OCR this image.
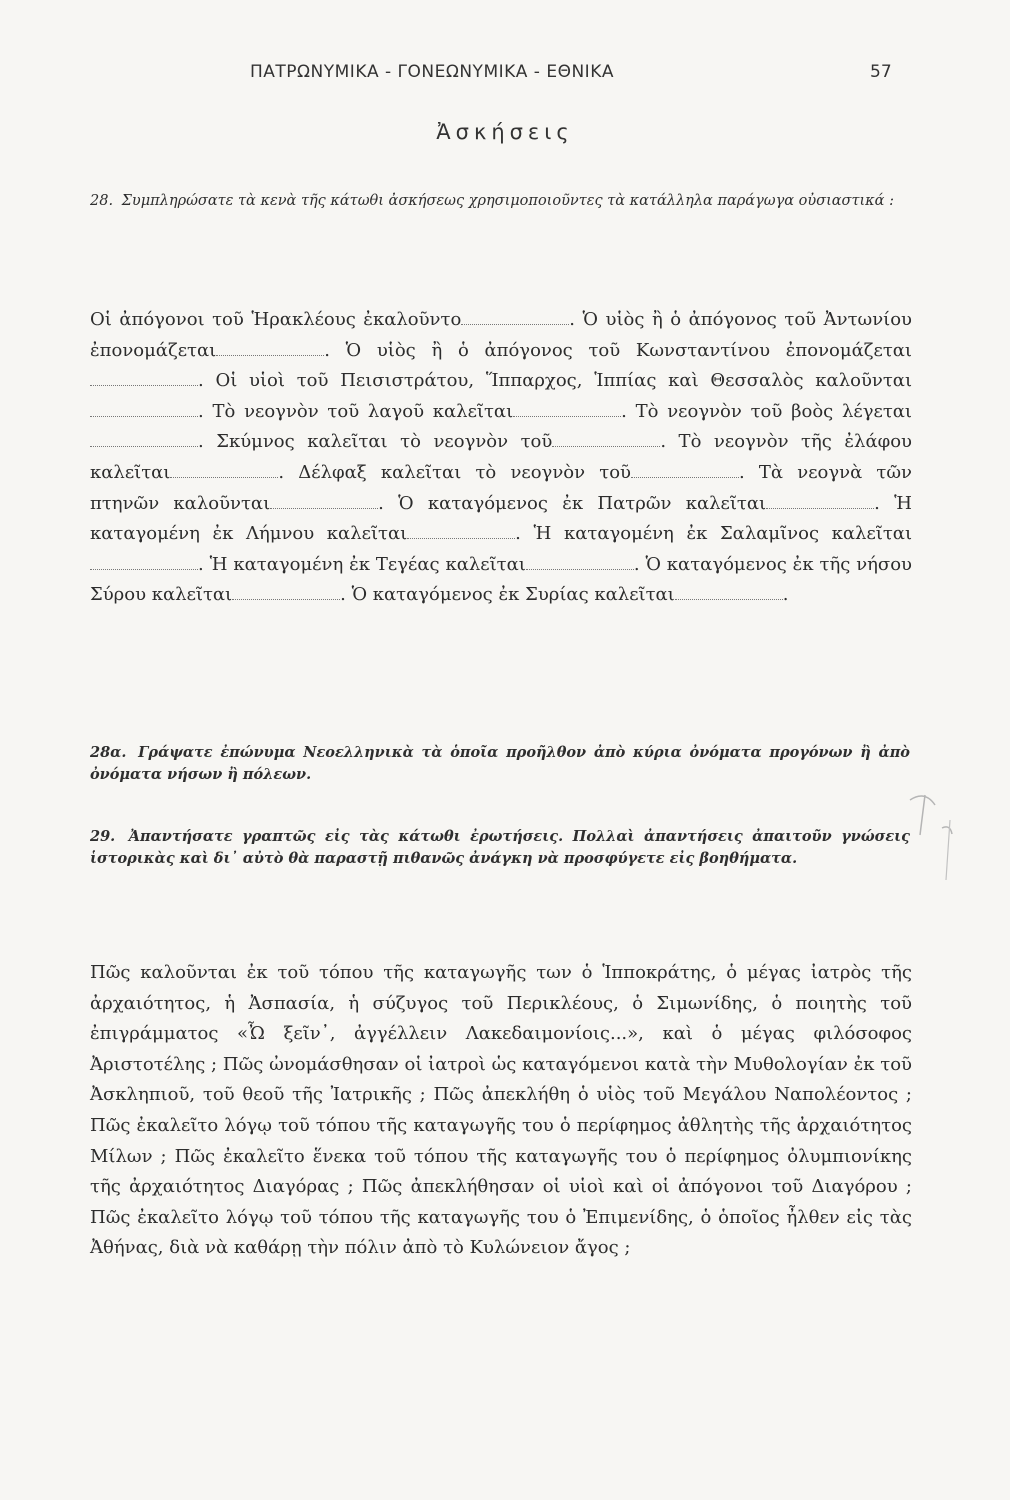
ΠΑΤΡΩΝΥΜΙΚΑ - ΓΟΝΕΩΝΥΜΙΚΑ - ΕΘΝΙΚΑ	57
Ἀσκήσεις
28. Συμπληρώσατε τὰ κενὰ τῆς κάτωθι ἀσκήσεως χρησιμοποιοῦντες τὰ κατάλληλα παράγωγα οὐσιαστικά :
Οἱ ἀπόγονοι τοῦ Ἡρακλέους ἐκαλοῦντο	. Ὁ υἱὸς ἢ ὁ ἀπόγονος τοῦ Ἀντωνίου ἐπονομάζεται	. Ὁ υἱὸς ἢ ὁ ἀπόγονος τοῦ Κωνσταντίνου ἐπονομάζεται. Οἱ υἱοὶ τοῦ Πεισιστράτου, Ἵππαρχος, Ἱππίας καὶ Θεσσαλὸς καλοῦνται. Τὸ νεογνὸν τοῦ λαγοῦ καλεῖται	. Τὸ νεογνὸν τοῦ βοὸς λέγεται. Σκύμνος καλεῖται τὸ νεογνὸν τοῦ	. Τὸ νεογνὸν τῆς ἐλάφου καλεῖται	. Δέλφαξ καλεῖται τὸ νεογνὸν τοῦ	. Τὰ νεογνὰ τῶν πτηνῶν καλοῦνται	. Ὁ καταγόμενος ἐκ Πατρῶν καλεῖται	. Ἡ καταγομένη ἐκ Λήμνου καλεῖται	. Ἡ καταγομένη ἐκ Σαλαμῖνος καλεῖται. Ἡ καταγομένη ἐκ Τεγέας καλεῖται	. Ὁ καταγόμενος ἐκ τῆς νήσου Σύρου καλεῖται	. Ὁ καταγόμενος ἐκ Συρίας καλεῖται	.
28α. Γράψατε ἐπώνυμα Νεοελληνικὰ τὰ ὁποῖα προῆλθον ἀπὸ κύρια ὀνόματα προγόνων ἢ ἀπὸ ὀνόματα νήσων ἢ πόλεων.
29. Ἀπαντήσατε γραπτῶς εἰς τὰς κάτωθι ἐρωτήσεις. Πολλαὶ ἀπαντήσεις ἀπαιτοῦν γνώσεις ἱστορικὰς καὶ δι᾽ αὐτὸ θὰ παραστῇ πιθανῶς ἀνάγκη νὰ προσφύγετε εἰς βοηθήματα.
Πῶς καλοῦνται ἐκ τοῦ τόπου τῆς καταγωγῆς των ὁ Ἱπποκράτης, ὁ μέγας ἰατρὸς τῆς ἀρχαιότητος, ἡ Ἀσπασία, ἡ σύζυγος τοῦ Περικλέους, ὁ Σιμωνίδης, ὁ ποιητὴς τοῦ ἐπιγράμματος «Ὦ ξεῖν᾽, ἀγγέλλειν Λακεδαιμονίοις...», καὶ ὁ μέγας φιλόσοφος Ἀριστοτέλης ; Πῶς ὠνομάσθησαν οἱ ἰατροὶ ὡς καταγόμενοι κατὰ τὴν Μυθολογίαν ἐκ τοῦ Ἀσκληπιοῦ, τοῦ θεοῦ τῆς Ἰατρικῆς ; Πῶς ἀπεκλήθη ὁ υἱὸς τοῦ Μεγάλου Ναπολέοντος ; Πῶς ἐκαλεῖτο λόγῳ τοῦ τόπου τῆς καταγωγῆς του ὁ περίφημος ἀθλητὴς τῆς ἀρχαιότητος Μίλων ; Πῶς ἐκαλεῖτο ἕνεκα τοῦ τόπου τῆς καταγωγῆς του ὁ περίφημος ὀλυμπιονίκης τῆς ἀρχαιότητος Διαγόρας ; Πῶς ἀπεκλήθησαν οἱ υἱοὶ καὶ οἱ ἀπόγονοι τοῦ Διαγόρου ; Πῶς ἐκαλεῖτο λόγῳ τοῦ τόπου τῆς καταγωγῆς του ὁ Ἐπιμενίδης, ὁ ὁποῖος ἦλθεν εἰς τὰς Ἀθήνας, διὰ νὰ καθάρῃ τὴν πόλιν ἀπὸ τὸ Κυλώνειον ἄγος ;
